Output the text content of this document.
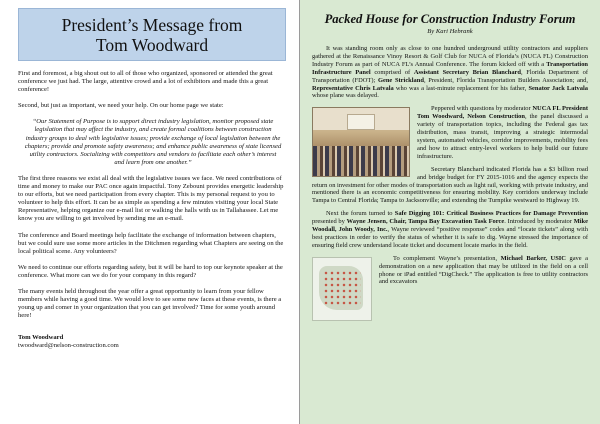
President’s Message from
Tom Woodward
First and foremost, a big shout out to all of those who organized, sponsored or attended the great conference we just had. The large, attentive crowd and a lot of exhibitors and made this a great conference!
Second, but just as important, we need your help. On our home page we state:
“Our Statement of Purpose is to support direct industry legislation, monitor proposed state legislation that may affect the industry, and create formal coalitions between construction industry groups to deal with legislative issues; provide exchange of local legislation between the chapters; provide and promote safety awareness; and enhance public awareness of state licensed utility contractors. Socializing with competitors and vendors to facilitate each other’s interest and learn from one another.”
The first three reasons we exist all deal with the legislative issues we face. We need contributions of time and money to make our PAC once again impactful. Tony Zebouni provides energetic leadership to our efforts, but we need participation from every chapter. This is my personal request to you to volunteer to help this effort. It can be as simple as spending a few minutes visiting your local State Representative, helping organize our e-mail list or walking the halls with us in Tallahassee. Let me know you are willing to get involved by sending me an e-mail.
The conference and Board meetings help facilitate the exchange of information between chapters, but we could sure use some more articles in the Ditchmen regarding what Chapters are seeing on the local political scene. Any volunteers?
We need to continue our efforts regarding safety, but it will be hard to top our keynote speaker at the conference. What more can we do for your company in this regard?
The many events held throughout the year offer a great opportunity to learn from your fellow members while having a good time. We would love to see some new faces at these events, is there a young up and comer in your organization that you can get involved? Time for some youth around here!
Tom Woodward
twoodward@nelson-construction.com
Packed House for Construction Industry Forum
By Kari Hebrank
It was standing room only as close to one hundred underground utility contractors and suppliers gathered at the Renaissance Vinoy Resort & Golf Club for NUCA of Florida’s (NUCA FL) Construction Industry Forum as part of NUCA FL’s Annual Conference. The forum kicked off with a Transportation Infrastructure Panel comprised of Assistant Secretary Brian Blanchard, Florida Department of Transportation (FDOT); Gene Strickland, President, Florida Transportation Builders Association; and, Representative Chris Latvala who was a last-minute replacement for his father, Senator Jack Latvala whose plane was delayed.
Peppered with questions by moderator NUCA FL President Tom Woodward, Nelson Construction, the panel discussed a variety of transportation topics, including the Federal gas tax distribution, mass transit, improving a strategic intermodal system, automated vehicles, corridor improvements, mobility fees and how to attract entry-level workers to help build our future infrastructure.
Secretary Blanchard indicated Florida has a $3 billion road and bridge budget for FY 2015-1016 and the agency expects the return on investment for other modes of transportation such as light rail, working with private industry, and mentioned there is an economic competitiveness for ensuring mobility. Key corridors underway include Tampa to Central Florida; Tampa to Jacksonville; and extending the Turnpike westward to Highway 19.
Next the forum turned to Safe Digging 101: Critical Business Practices for Damage Prevention presented by Wayne Jensen, Chair, Tampa Bay Excavation Task Force. Introduced by moderator Mike Woodall, John Woody, Inc., Wayne reviewed “positive response” codes and “locate tickets” along with best practices in order to verify the status of whether it is safe to dig. Wayne stressed the importance of ensuring field crew understand locate ticket and document locate marks in the field.
To complement Wayne’s presentation, Michael Barker, USIC gave a demonstration on a new application that may be utilized in the field on a cell phone or iPad entitled “DigCheck.” The application is free to utility contractors and excavators
